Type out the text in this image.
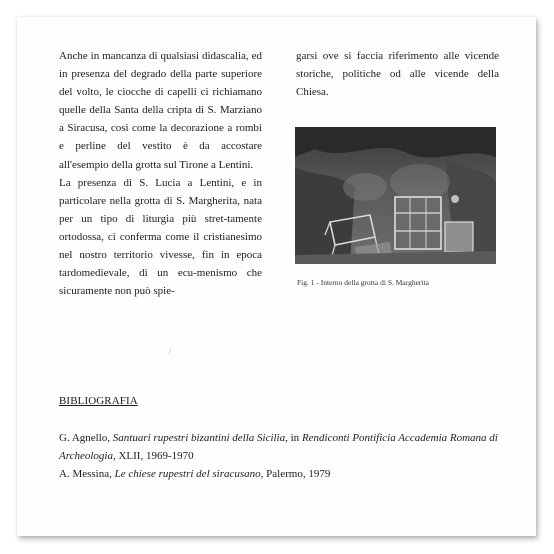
Anche in mancanza di qualsiasi didascalia, ed in presenza del degrado della parte superiore del volto, le ciocche di capelli ci richiamano quelle della Santa della cripta di S. Marziano a Siracusa, così come la decorazione a rombi e perline del vestito è da accostare all'esempio della grotta sul Tirone a Lentini.

La presenza di S. Lucia a Lentini, e in particolare nella grotta di S. Margherita, nata per un tipo di liturgia più stret-tamente ortodossa, ci conferma come il cristianesimo nel nostro territorio vivesse, fin in epoca tardomedievale, di un ecu-menismo che sicuramente non può spie-

garsi ove si faccia riferimento alle vicende storiche, politiche od alle vicende della Chiesa.

Fig. 1 - Interno della grotta di S. Margherita
/
BIBLIOGRAFIA

G. Agnello, Santuari rupestri bizantini della Sicilia, in Rendiconti Pontificia Accademia Romana di Archeologia, XLII, 1969-1970

A. Messina, Le chiese rupestri del siracusano, Palermo, 1979
